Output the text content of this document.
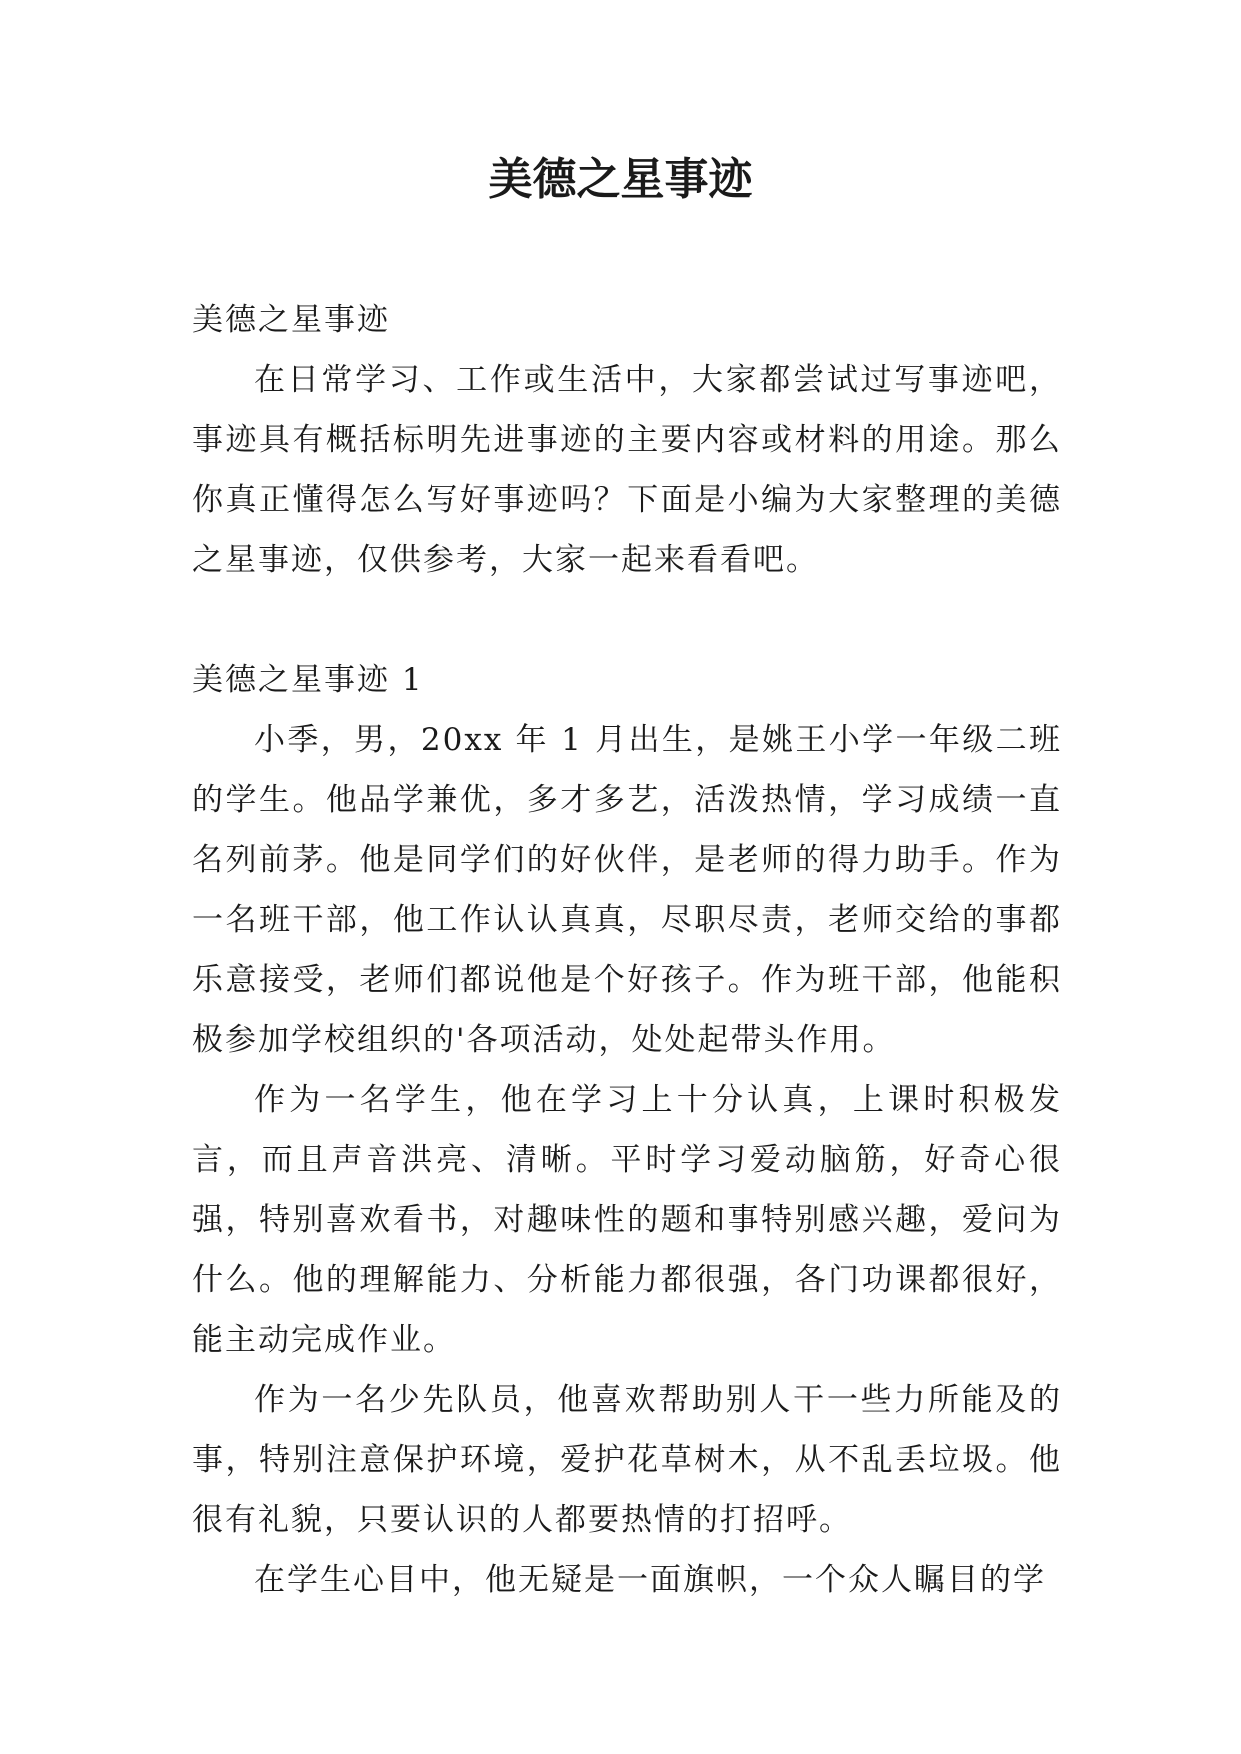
美德之星事迹

美德之星事迹

在日常学习、工作或生活中，大家都尝试过写事迹吧，事迹具有概括标明先进事迹的主要内容或材料的用途。那么你真正懂得怎么写好事迹吗？下面是小编为大家整理的美德之星事迹，仅供参考，大家一起来看看吧。

美德之星事迹 1

小季，男，20xx 年 1 月出生，是姚王小学一年级二班的学生。他品学兼优，多才多艺，活泼热情，学习成绩一直名列前茅。他是同学们的好伙伴，是老师的得力助手。作为一名班干部，他工作认认真真，尽职尽责，老师交给的事都乐意接受，老师们都说他是个好孩子。作为班干部，他能积极参加学校组织的'各项活动，处处起带头作用。

作为一名学生，他在学习上十分认真，上课时积极发言，而且声音洪亮、清晰。平时学习爱动脑筋，好奇心很强，特别喜欢看书，对趣味性的题和事特别感兴趣，爱问为什么。他的理解能力、分析能力都很强，各门功课都很好，能主动完成作业。

作为一名少先队员，他喜欢帮助别人干一些力所能及的事，特别注意保护环境，爱护花草树木，从不乱丢垃圾。他很有礼貌，只要认识的人都要热情的打招呼。

在学生心目中，他无疑是一面旗帜，一个众人瞩目的学
